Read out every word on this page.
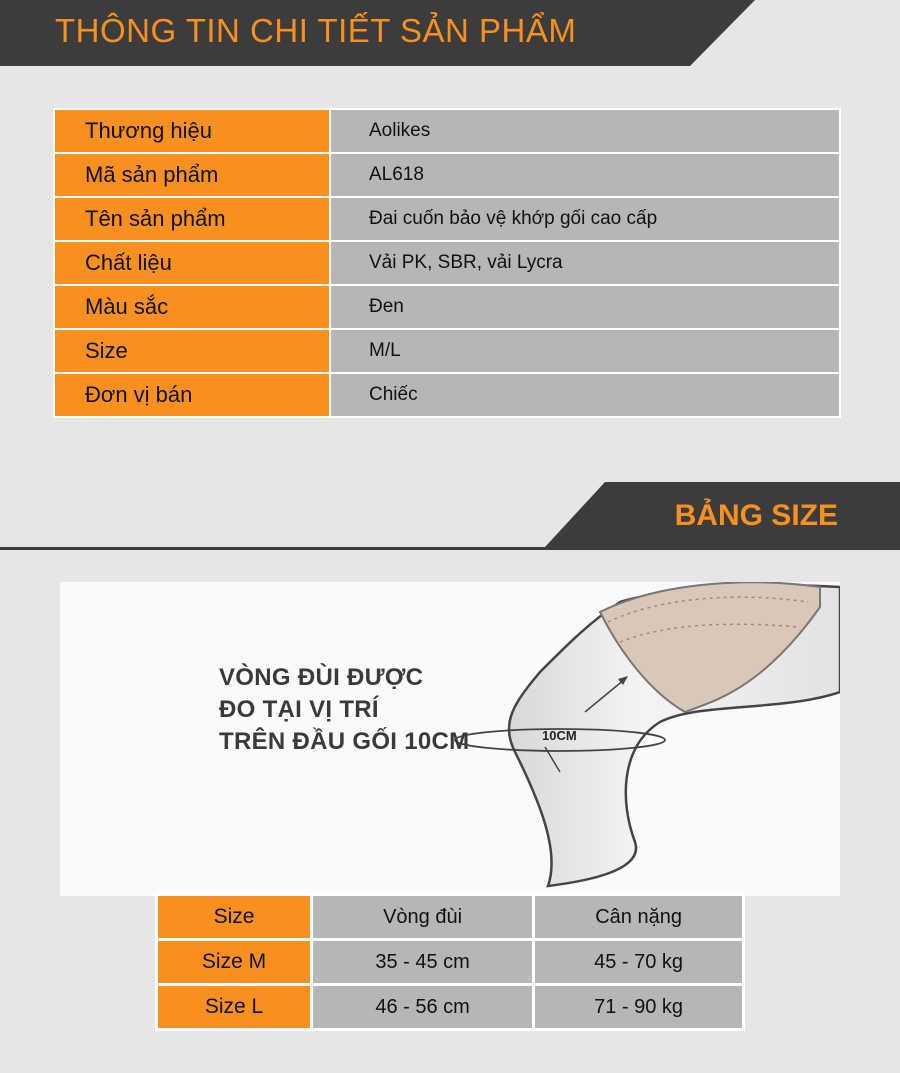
THÔNG TIN CHI TIẾT SẢN PHẨM
Thương hiệu	Aolikes
Mã sản phẩm	AL618
Tên sản phẩm	Đai cuốn bảo vệ khớp gối cao cấp
Chất liệu	Vải PK, SBR, vải Lycra
Màu sắc	Đen
Size	M/L
Đơn vị bán	Chiếc
BẢNG SIZE
10CM
VÒNG ĐÙI ĐƯỢC
ĐO TẠI VỊ TRÍ
TRÊN ĐẦU GỐI 10CM
Size	Vòng đùi	Cân nặng
Size M	35 - 45 cm	45 - 70 kg
Size L	46 - 56 cm	71 - 90 kg
